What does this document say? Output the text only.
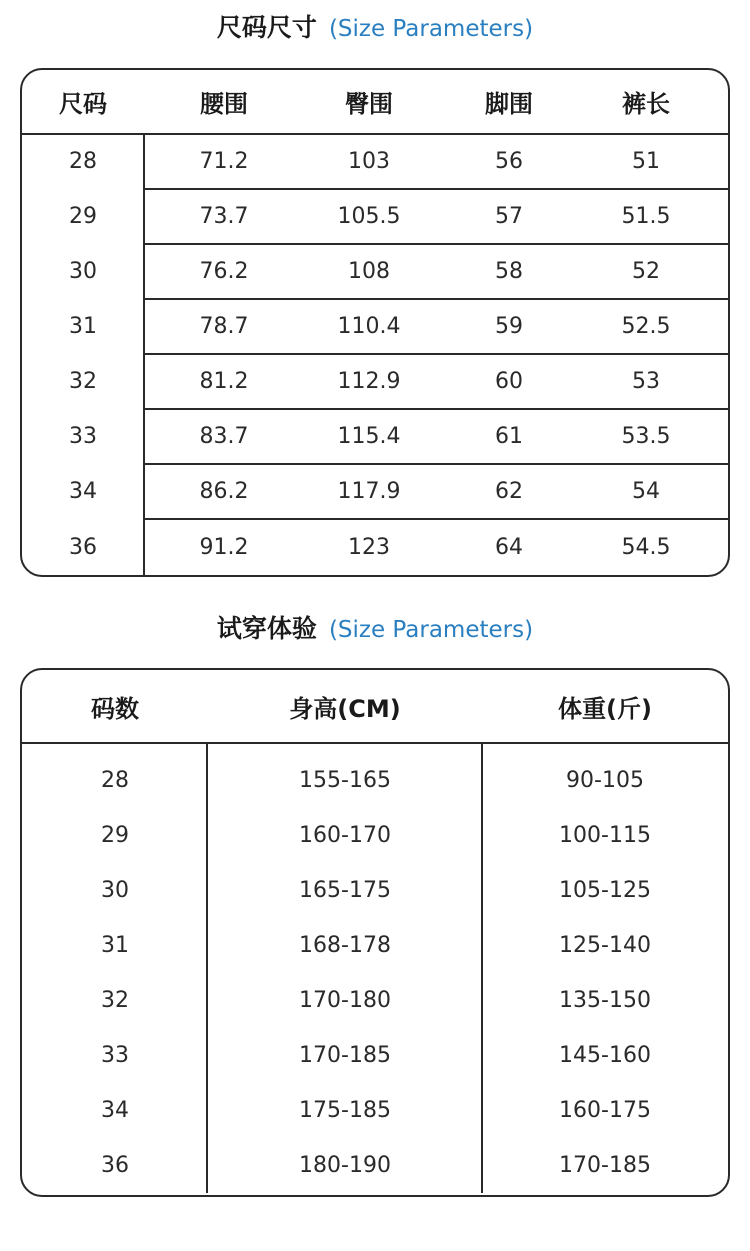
尺码尺寸 (Size Parameters)
尺码	腰围	臀围	脚围	裤长
28	71.2	103	56	51
29	73.7	105.5	57	51.5
30	76.2	108	58	52
31	78.7	110.4	59	52.5
32	81.2	112.9	60	53
33	83.7	115.4	61	53.5
34	86.2	117.9	62	54
36	91.2	123	64	54.5
试穿体验 (Size Parameters)
码数	身高(CM)	体重(斤)
28	155-165	90-105
29	160-170	100-115
30	165-175	105-125
31	168-178	125-140
32	170-180	135-150
33	170-185	145-160
34	175-185	160-175
36	180-190	170-185
